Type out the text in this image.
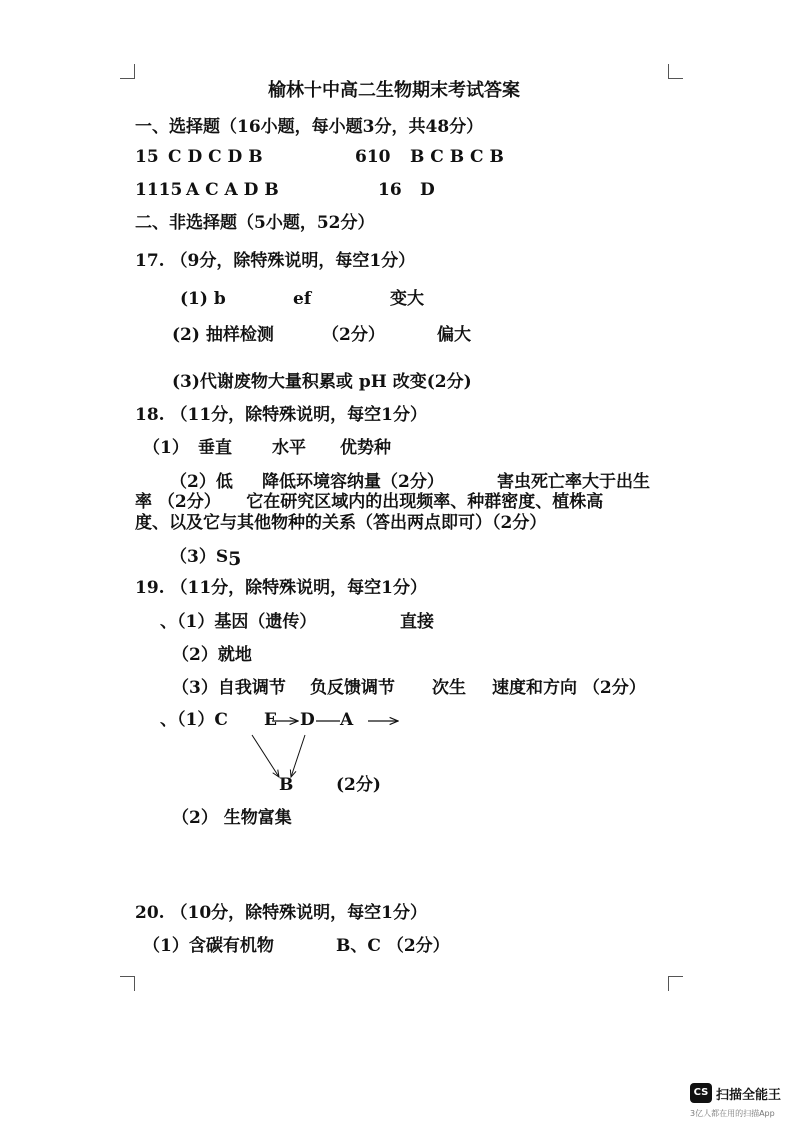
榆林十中高二生物期末考试答案
一、选择题（16小题，每小题3分，共48分）
15 C D C D B	610 B C B C B
1115 A C A D B	16 D
二、非选择题（5小题，52分）
17. （9分，除特殊说明，每空1分）
(1) b	ef	变大
(2) 抽样检测	（2分）	偏大
(3)代谢废物大量积累或 pH 改变(2分)
18. （11分，除特殊说明，每空1分）
（1） 垂直 水平 优势种
（2）低 降低环境容纳量（2分）	害虫死亡率大于出生
率 （2分）　　它在研究区域内的出现频率、种群密度、植株高
度、以及它与其他物种的关系（答出两点即可）（2分）
（3）S5
19. （11分，除特殊说明，每空1分）
、（1）基因（遗传）	直接
（2）就地
（3）自我调节 负反馈调节 次生 速度和方向 （2分）
、（1）C E D A
B	(2分)
（2） 生物富集
20. （10分，除特殊说明，每空1分）
（1）含碳有机物	B、C （2分）
CS 扫描全能王
3亿人都在用的扫描App
